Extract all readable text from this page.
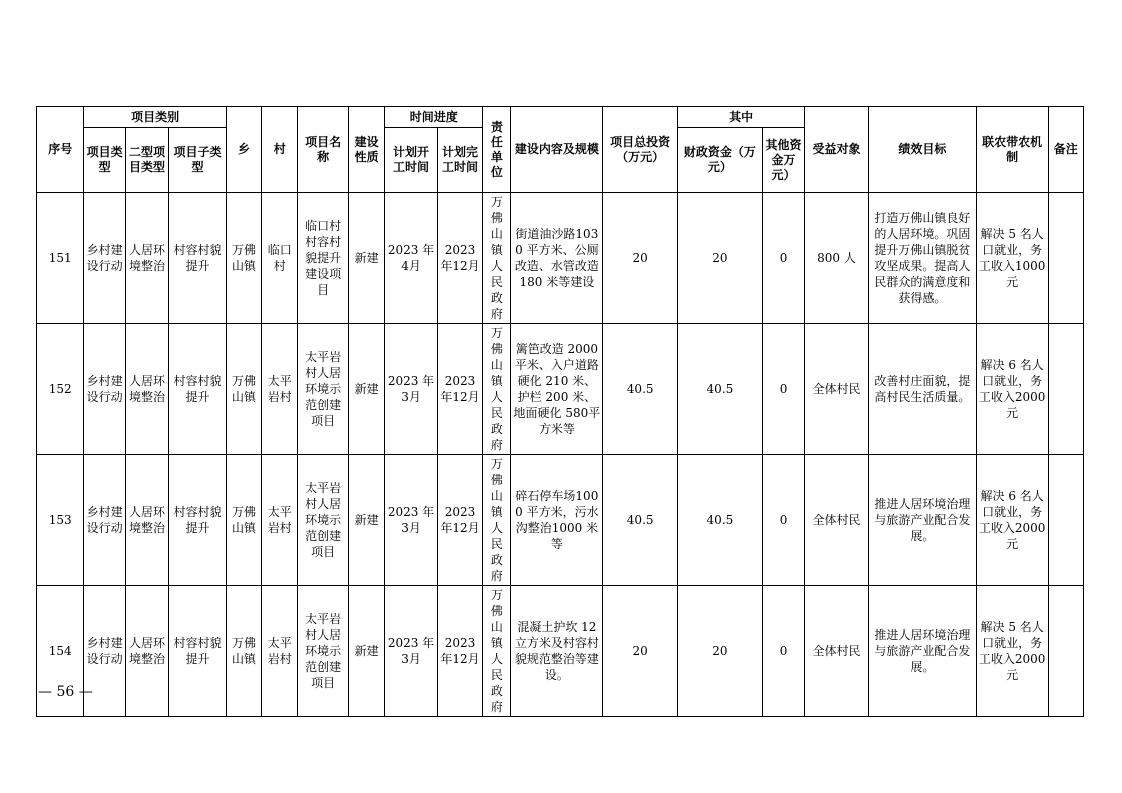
序号	项目类别			乡	村	项目名称	建设性质	时间进度		责任单位	建设内容及规模	项目总投资（万元）	其中		受益对象	绩效目标	联农带农机制	备注
	项目类型	二型项目类型	项目子类型					计划开工时间	计划完工时间				财政资金（万元）	其他资金万元）				
151	乡村建设行动	人居环境整治	村容村貌提升	万佛山镇	临口村	临口村村容村貌提升建设项目	新建	2023 年4月	2023 年12月	万佛山镇人民政府	街道油沙路1030 平方米、公厕改造、水管改造 180 米等建设	20	20	0	800 人	打造万佛山镇良好的人居环境。巩固提升万佛山镇脱贫攻坚成果。提高人民群众的满意度和获得感。	解决 5 名人口就业，务工收入1000 元	
152	乡村建设行动	人居环境整治	村容村貌提升	万佛山镇	太平岩村	太平岩村人居环境示范创建项目	新建	2023 年3月	2023 年12月	万佛山镇人民政府	篱笆改造 2000平米、入户道路硬化 210 米、护栏 200 米、地面硬化 580平方米等	40.5	40.5	0	全体村民	改善村庄面貌，提高村民生活质量。	解决 6 名人口就业，务工收入2000 元	
153	乡村建设行动	人居环境整治	村容村貌提升	万佛山镇	太平岩村	太平岩村人居环境示范创建项目	新建	2023 年3月	2023 年12月	万佛山镇人民政府	碎石停车场1000 平方米，污水沟整治1000 米等	40.5	40.5	0	全体村民	推进人居环境治理与旅游产业配合发展。	解决 6 名人口就业，务工收入2000 元	
154	乡村建设行动	人居环境整治	村容村貌提升	万佛山镇	太平岩村	太平岩村人居环境示范创建项目	新建	2023 年3月	2023 年12月	万佛山镇人民政府	混凝土护坎 12立方米及村容村貌规范整治等建设。	20	20	0	全体村民	推进人居环境治理与旅游产业配合发展。	解决 5 名人口就业，务工收入2000 元	
— 56 —
